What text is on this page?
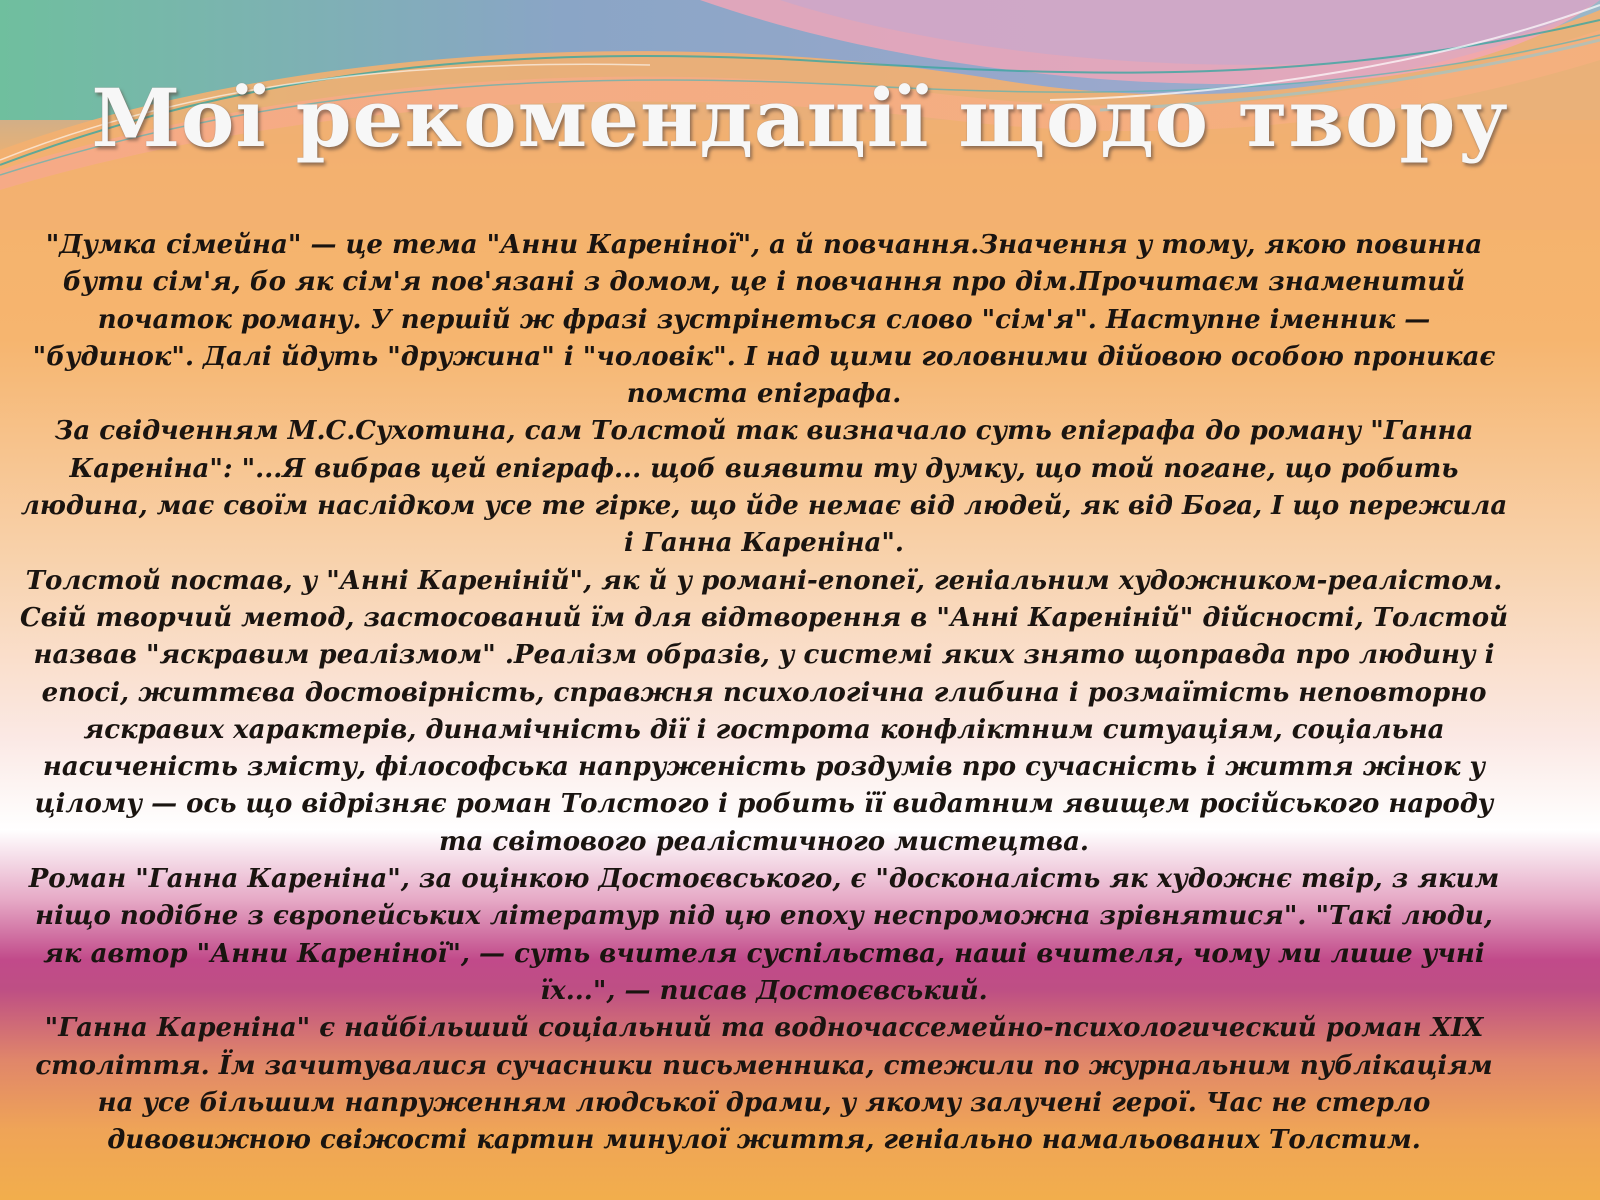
Мої рекомендації щодо твору

"Думка сімейна" — це тема "Анни Кареніної", а й повчання.Значення у тому, якою повинна бути сім'я, бо як сім'я пов'язані з домом, це і повчання про дім.Прочитаєм знаменитий початок роману. У першій ж фразі зустрінеться слово "сім'я". Наступне іменник — "будинок". Далі йдуть "дружина" і "чоловік". І над цими головними дійовою особою проникає помста епіграфа.

За свідченням М.С.Сухотина, сам Толстой так визначало суть епіграфа до роману "Ганна Кареніна": "...Я вибрав цей епіграф... щоб виявити ту думку, що той погане, що робить людина, має своїм наслідком усе те гірке, що йде немає від людей, як від Бога, І що пережила і Ганна Кареніна".

Толстой постав, у "Анні Кареніній", як й у романі-епопеї, геніальним художником-реалістом. Свій творчий метод, застосований їм для відтворення в "Анні Кареніній" дійсності, Толстой назвав "яскравим реалізмом" .Реалізм образів, у системі яких знято щоправда про людину і епосі, життєва достовірність, справжня психологічна глибина і розмаїтість неповторно яскравих характерів, динамічність дії і гострота конфліктним ситуаціям, соціальна насиченість змісту, філософська напруженість роздумів про сучасність і життя жінок у цілому — ось що відрізняє роман Толстого і робить її видатним явищем російського народу та світового реалістичного мистецтва.

Роман "Ганна Кареніна", за оцінкою Достоєвського, є "досконалість як художнє твір, з яким ніщо подібне з європейських літератур під цю епоху неспроможна зрівнятися". "Такі люди, як автор "Анни Кареніної", — суть вчителя суспільства, наші вчителя, чому ми лише учні їх...", — писав Достоєвський.

"Ганна Кареніна" є найбільший соціальний та водночассемейно-психологический роман XIX століття. Їм зачитувалися сучасники письменника, стежили по журнальним публікаціям на усе більшим напруженням людської драми, у якому залучені герої. Час не стерло дивовижною свіжості картин минулої життя, геніально намальованих Толстим.
